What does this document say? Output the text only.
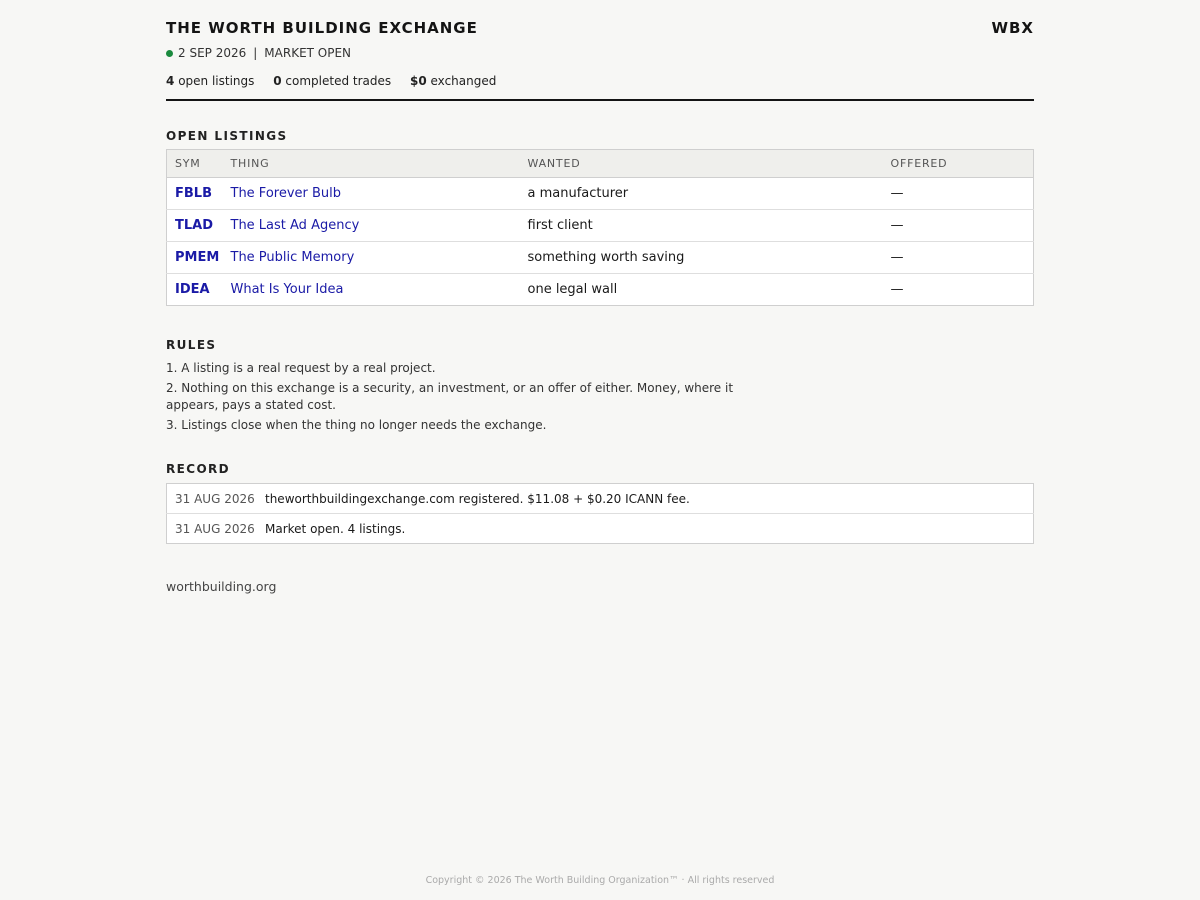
THE WORTH BUILDING EXCHANGE	WBX
2 SEP 2026 | MARKET OPEN
4 open listings 0 completed trades $0 exchanged
OPEN LISTINGS
SYM	THING	WANTED	OFFERED
FBLB	The Forever Bulb	a manufacturer	—
TLAD	The Last Ad Agency	first client	—
PMEM	The Public Memory	something worth saving	—
IDEA	What Is Your Idea	one legal wall	—
RULES
1. A listing is a real request by a real project.
2. Nothing on this exchange is a security, an investment, or an offer of either. Money, where it appears, pays a stated cost.
3. Listings close when the thing no longer needs the exchange.
RECORD
31 AUG 2026	theworthbuildingexchange.com registered. $11.08 + $0.20 ICANN fee.
31 AUG 2026	Market open. 4 listings.
worthbuilding.org
Copyright © 2026 The Worth Building Organization™ · All rights reserved
